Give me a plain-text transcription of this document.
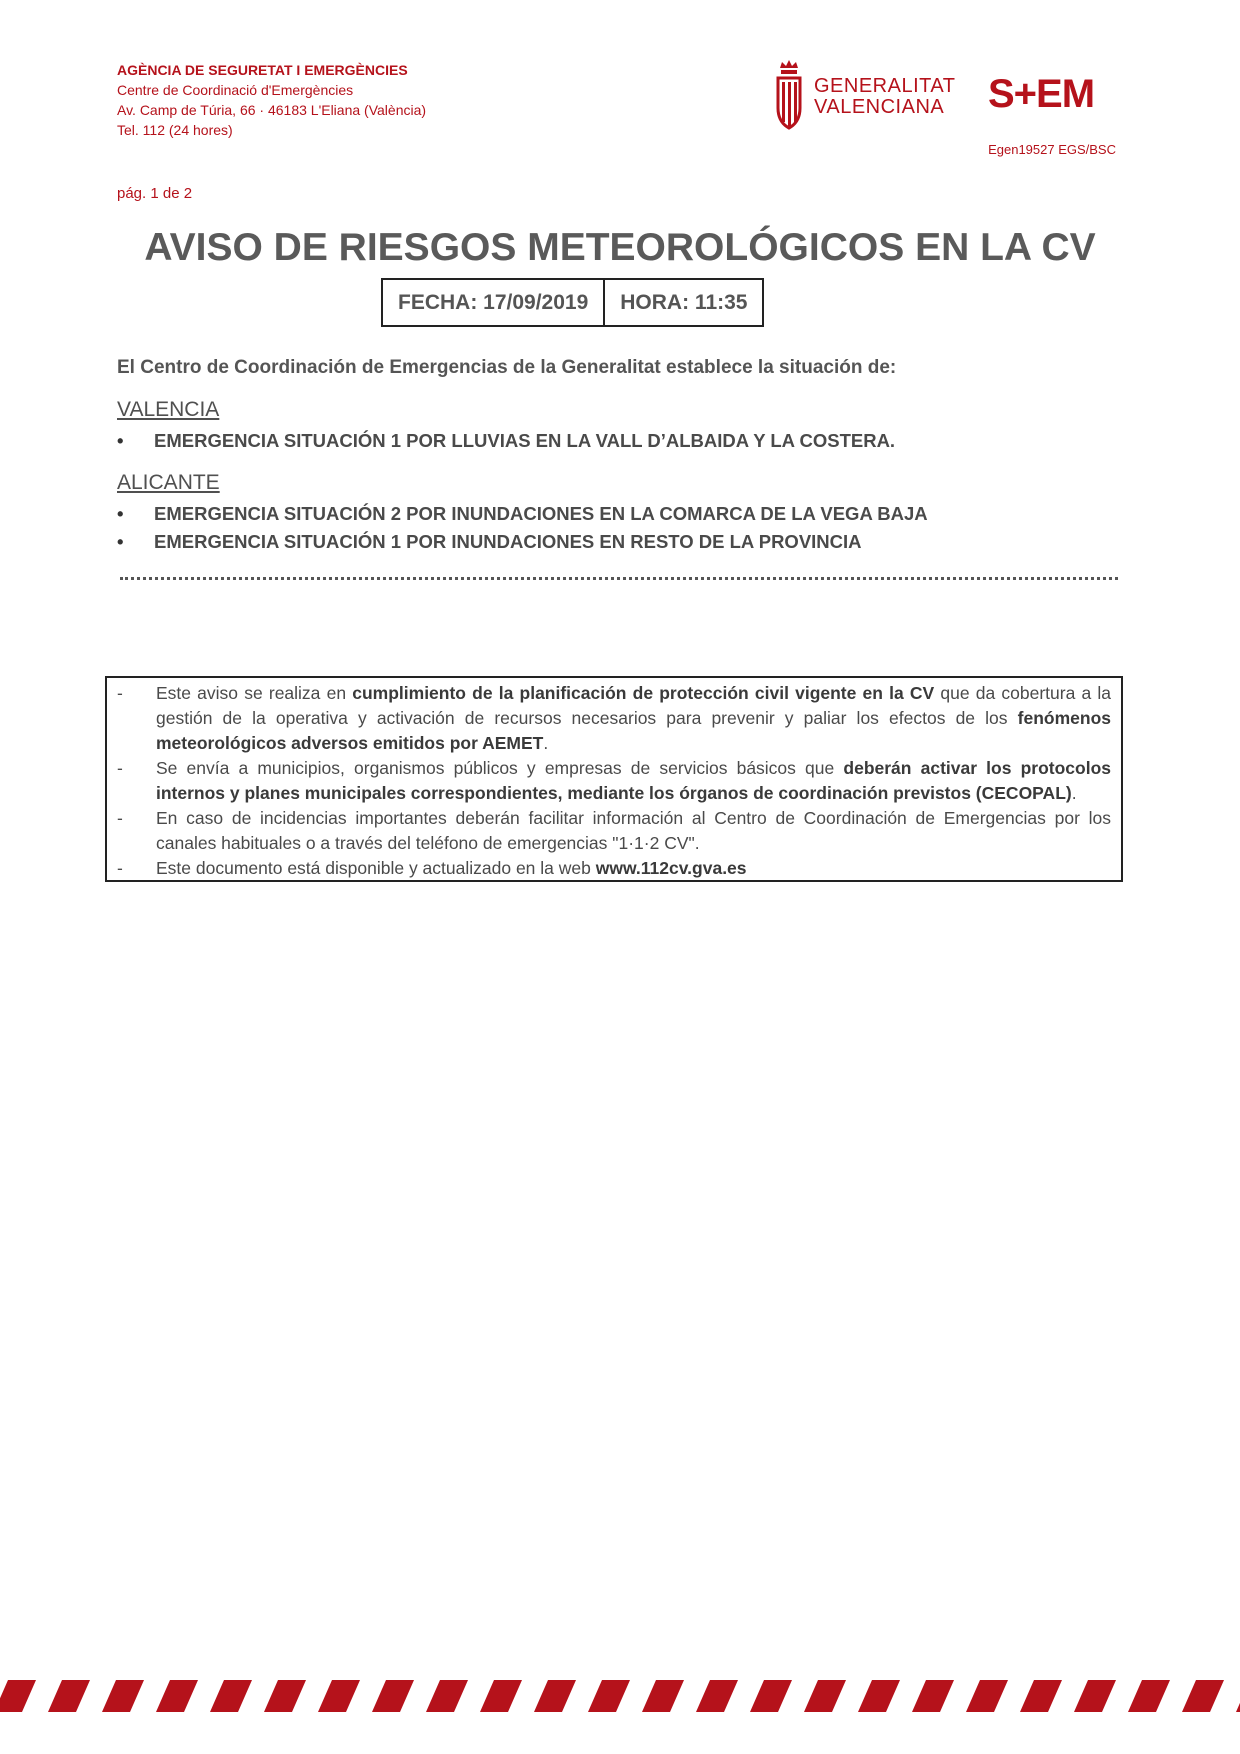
AGÈNCIA DE SEGURETAT I EMERGÈNCIES
Centre de Coordinació d'Emergències
Av. Camp de Túria, 66 · 46183 L'Eliana (València)
Tel. 112 (24 hores)
GENERALITAT
VALENCIANA S+EM
Egen19527 EGS/BSC
pág. 1 de 2
AVISO DE RIESGOS METEOROLÓGICOS EN LA CV
FECHA: 17/09/2019	HORA: 11:35
El Centro de Coordinación de Emergencias de la Generalitat establece la situación de:
VALENCIA
• EMERGENCIA SITUACIÓN 1 POR LLUVIAS EN LA VALL D’ALBAIDA Y LA COSTERA.
ALICANTE
• EMERGENCIA SITUACIÓN 2 POR INUNDACIONES EN LA COMARCA DE LA VEGA BAJA
• EMERGENCIA SITUACIÓN 1 POR INUNDACIONES EN RESTO DE LA PROVINCIA
-	Este aviso se realiza en cumplimiento de la planificación de protección civil vigente en la CV que da cobertura a la gestión de la operativa y activación de recursos necesarios para prevenir y paliar los efectos de los fenómenos meteorológicos adversos emitidos por AEMET.
-	Se envía a municipios, organismos públicos y empresas de servicios básicos que deberán activar los protocolos internos y planes municipales correspondientes, mediante los órganos de coordinación previstos (CECOPAL).
-	En caso de incidencias importantes deberán facilitar información al Centro de Coordinación de Emergencias por los canales habituales o a través del teléfono de emergencias "1·1·2 CV".
-	Este documento está disponible y actualizado en la web www.112cv.gva.es
